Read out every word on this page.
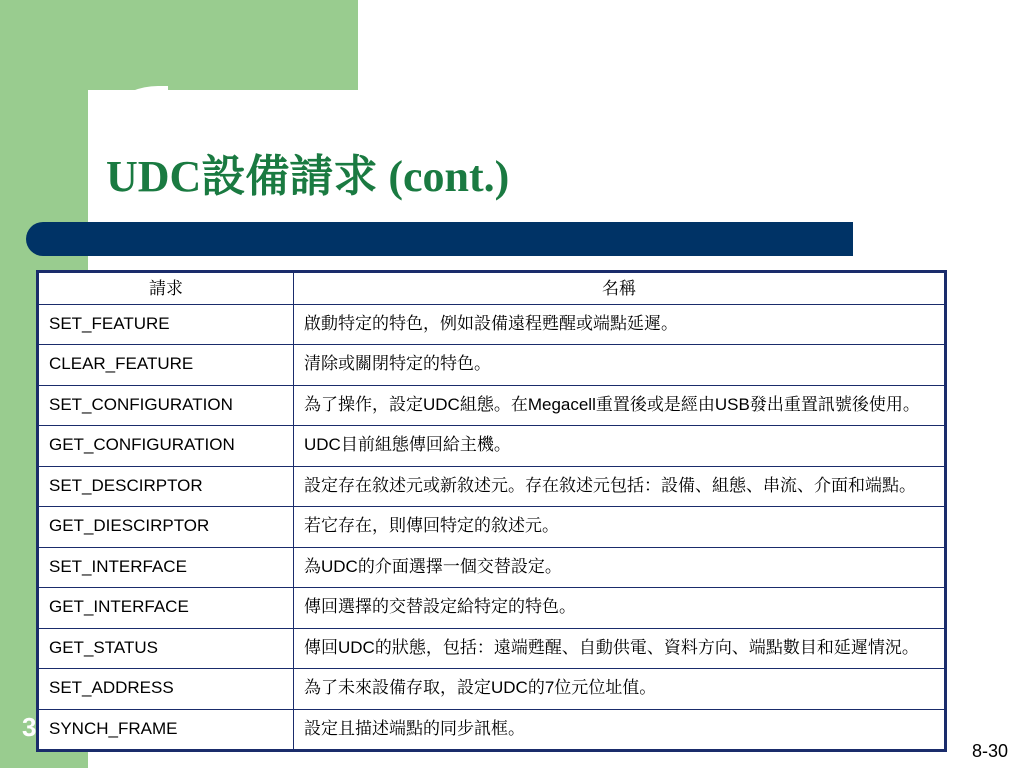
UDC設備請求 (cont.)
3
請求	名稱
SET_FEATURE	啟動特定的特色，例如設備遠程甦醒或端點延遲。
CLEAR_FEATURE	清除或關閉特定的特色。
SET_CONFIGURATION	為了操作，設定UDC組態。在Megacell重置後或是經由USB發出重置訊號後使用。
GET_CONFIGURATION	UDC目前組態傳回給主機。
SET_DESCIRPTOR	設定存在敘述元或新敘述元。存在敘述元包括：設備、組態、串流、介面和端點。
GET_DIESCIRPTOR	若它存在，則傳回特定的敘述元。
SET_INTERFACE	為UDC的介面選擇一個交替設定。
GET_INTERFACE	傳回選擇的交替設定給特定的特色。
GET_STATUS	傳回UDC的狀態，包括：遠端甦醒、自動供電、資料方向、端點數目和延遲情況。
SET_ADDRESS	為了未來設備存取，設定UDC的7位元位址值。
SYNCH_FRAME	設定且描述端點的同步訊框。
8-30
